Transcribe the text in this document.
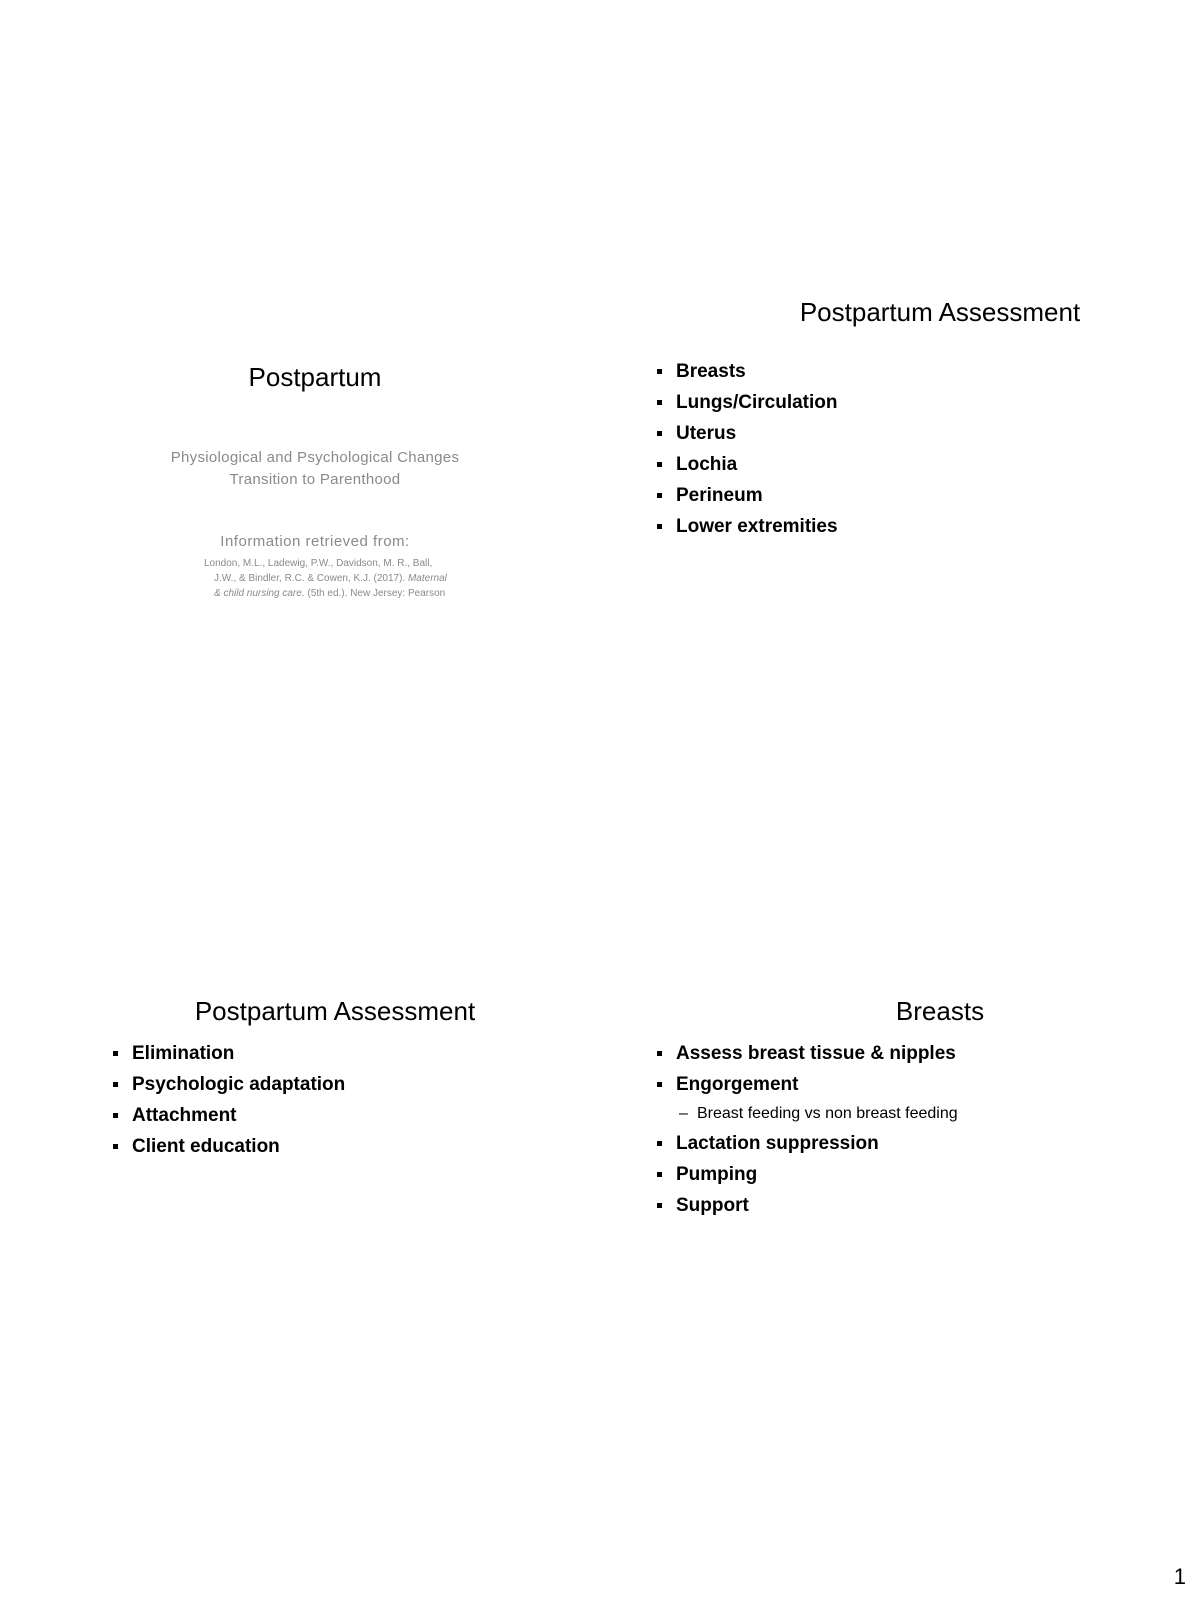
Postpartum
Physiological and Psychological Changes
Transition to Parenthood
Information retrieved from:
London, M.L., Ladewig, P.W., Davidson, M. R., Ball,
J.W., & Bindler, R.C. & Cowen, K.J. (2017). Maternal
& child nursing care. (5th ed.). New Jersey: Pearson
Postpartum Assessment
Breasts
Lungs/Circulation
Uterus
Lochia
Perineum
Lower extremities
Postpartum Assessment
Elimination
Psychologic adaptation
Attachment
Client education
Breasts
Assess breast tissue & nipples
Engorgement
– Breast feeding vs non breast feeding
Lactation suppression
Pumping
Support
1
